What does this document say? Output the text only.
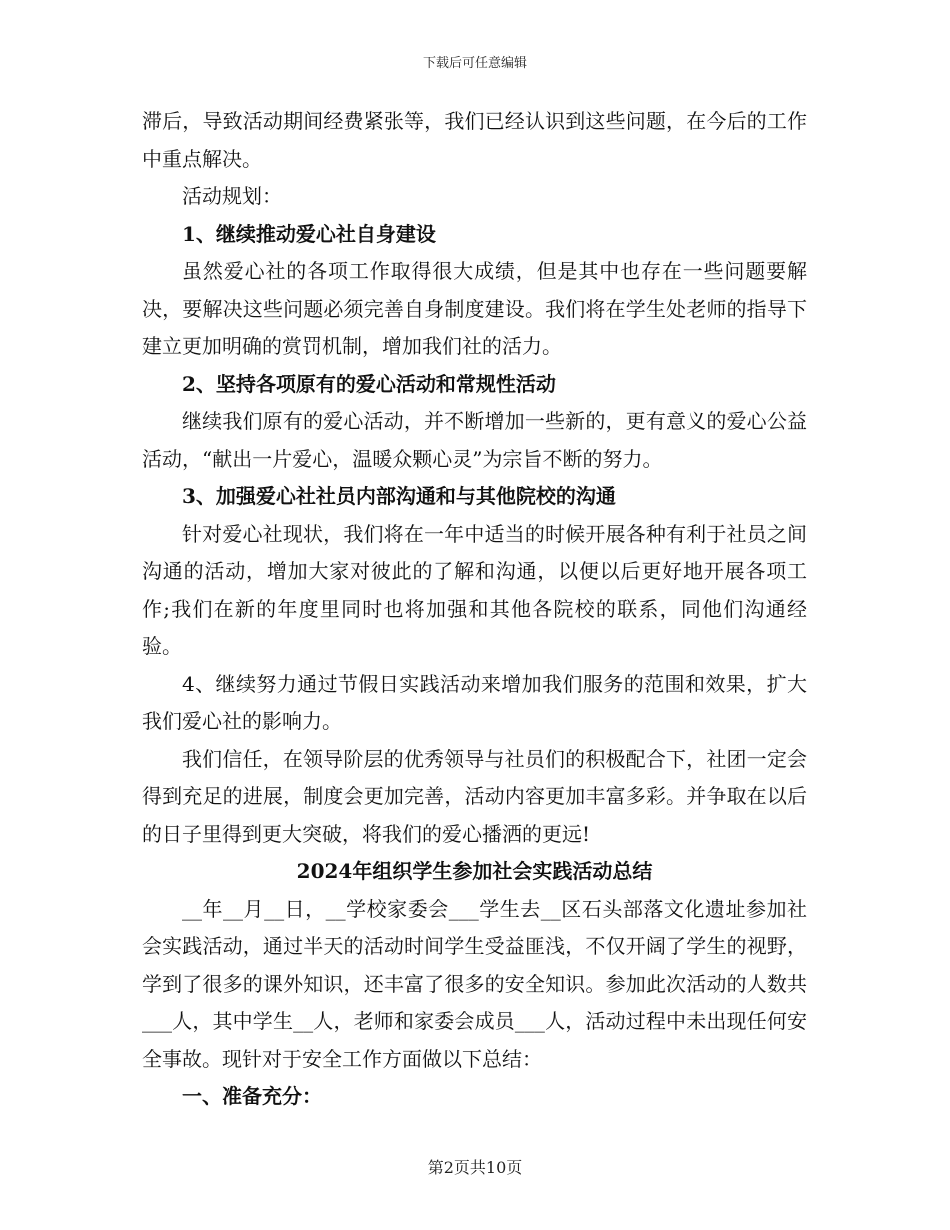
下载后可任意编辑

滞后，导致活动期间经费紧张等，我们已经认识到这些问题，在今后的工作中重点解决。

活动规划：

1、继续推动爱心社自身建设

虽然爱心社的各项工作取得很大成绩，但是其中也存在一些问题要解决，要解决这些问题必须完善自身制度建设。我们将在学生处老师的指导下建立更加明确的赏罚机制，增加我们社的活力。

2、坚持各项原有的爱心活动和常规性活动

继续我们原有的爱心活动，并不断增加一些新的，更有意义的爱心公益活动，“献出一片爱心，温暖众颗心灵”为宗旨不断的努力。

3、加强爱心社社员内部沟通和与其他院校的沟通

针对爱心社现状，我们将在一年中适当的时候开展各种有利于社员之间沟通的活动，增加大家对彼此的了解和沟通，以便以后更好地开展各项工作;我们在新的年度里同时也将加强和其他各院校的联系，同他们沟通经验。

4、继续努力通过节假日实践活动来增加我们服务的范围和效果，扩大我们爱心社的影响力。

我们信任，在领导阶层的优秀领导与社员们的积极配合下，社团一定会得到充足的进展，制度会更加完善，活动内容更加丰富多彩。并争取在以后的日子里得到更大突破，将我们的爱心播洒的更远!

2024年组织学生参加社会实践活动总结

__年__月__日，__学校家委会___学生去__区石头部落文化遗址参加社会实践活动，通过半天的活动时间学生受益匪浅，不仅开阔了学生的视野，学到了很多的课外知识，还丰富了很多的安全知识。参加此次活动的人数共___人，其中学生__人，老师和家委会成员___人，活动过程中未出现任何安全事故。现针对于安全工作方面做以下总结：

一、准备充分：

第2页共10页
